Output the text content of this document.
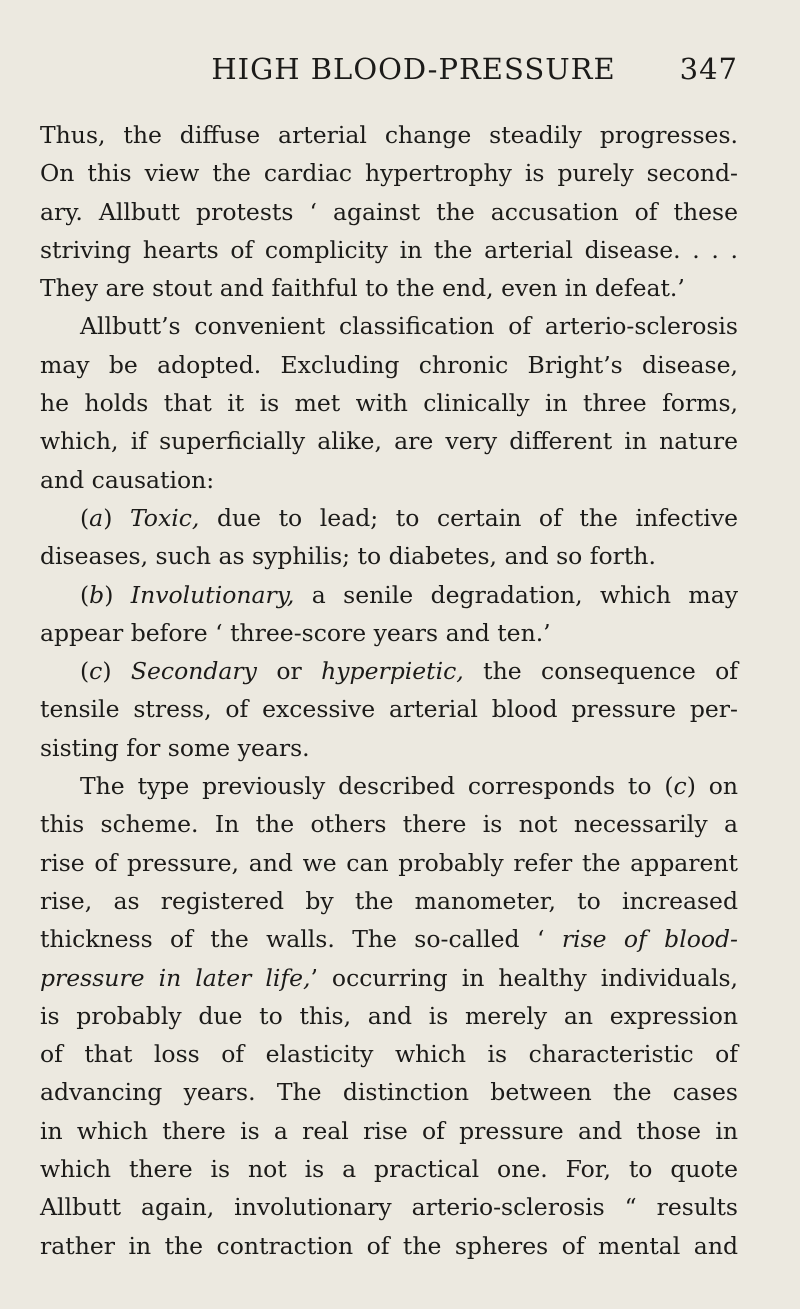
HIGH BLOOD-PRESSURE 347
Thus, the diffuse arterial change steadily progresses.
On this view the cardiac hypertrophy is purely second-
ary. Allbutt protests ‘ against the accusation of these
striving hearts of complicity in the arterial disease. . . .
They are stout and faithful to the end, even in defeat.’
Allbutt’s convenient classification of arterio-sclerosis
may be adopted. Excluding chronic Bright’s disease,
he holds that it is met with clinically in three forms,
which, if superficially alike, are very different in nature
and causation:
(a) Toxic, due to lead; to certain of the infective
diseases, such as syphilis; to diabetes, and so forth.
(b) Involutionary, a senile degradation, which may
appear before ‘ three-score years and ten.’
(c) Secondary or hyperpietic, the consequence of
tensile stress, of excessive arterial blood pressure per-
sisting for some years.
The type previously described corresponds to (c) on
this scheme. In the others there is not necessarily a
rise of pressure, and we can probably refer the apparent
rise, as registered by the manometer, to increased
thickness of the walls. The so-called ‘ rise of blood-
pressure in later life,’ occurring in healthy individuals,
is probably due to this, and is merely an expression
of that loss of elasticity which is characteristic of
advancing years. The distinction between the cases
in which there is a real rise of pressure and those in
which there is not is a practical one. For, to quote
Allbutt again, involutionary arterio-sclerosis “ results
rather in the contraction of the spheres of mental and
